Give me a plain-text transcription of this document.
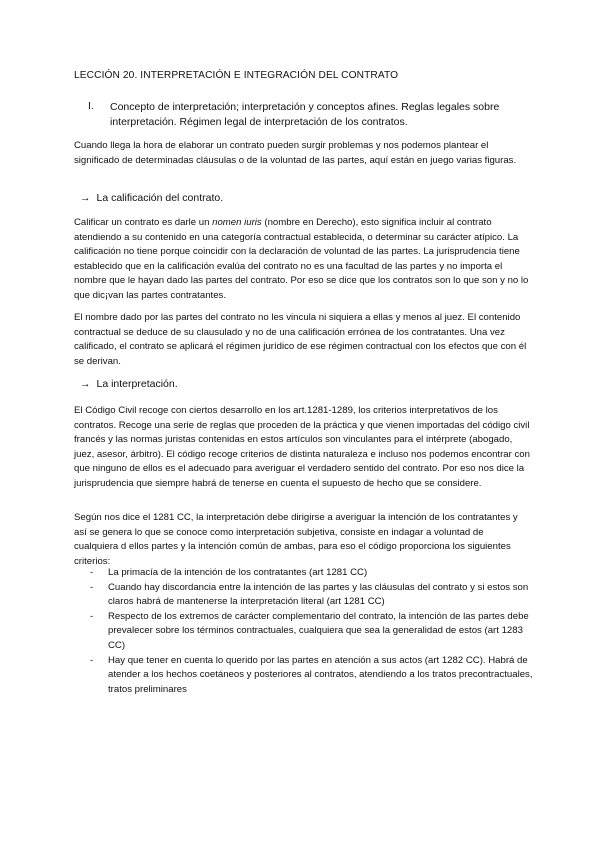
LECCIÓN 20. INTERPRETACIÓN E INTEGRACIÓN DEL CONTRATO
I. Concepto de interpretación; interpretación y conceptos afines. Reglas legales sobre interpretación. Régimen legal de interpretación de los contratos.
Cuando llega la hora de elaborar un contrato pueden surgir problemas y nos podemos plantear el significado de determinadas cláusulas o de la voluntad de las partes, aquí están en juego varias figuras.
→ La calificación del contrato.
Calificar un contrato es darle un nomen iuris (nombre en Derecho), esto significa incluir al contrato atendiendo a su contenido en una categoría contractual establecida, o determinar su carácter atípico. La calificación no tiene porque coincidir con la declaración de voluntad de las partes. La jurisprudencia tiene establecido que en la calificación evalúa del contrato no es una facultad de las partes y no importa el nombre que le hayan dado las partes del contrato. Por eso se dice que los contratos son lo que son y no lo que dic¡van las partes contratantes.
El nombre dado por las partes del contrato no les vincula ni siquiera a ellas y menos al juez. El contenido contractual se deduce de su clausulado y no de una calificación errónea de los contratantes. Una vez calificado, el contrato se aplicará el régimen jurídico de ese régimen contractual con los efectos que con él se derivan.
→ La interpretación.
El Código Civil recoge con ciertos desarrollo en los art.1281-1289, los criterios interpretativos de los contratos. Recoge una serie de reglas que proceden de la práctica y que vienen importadas del código civil francés y las normas juristas contenidas en estos artículos son vinculantes para el intérprete (abogado, juez, asesor, árbitro). El código recoge criterios de distinta naturaleza e incluso nos podemos encontrar con que ninguno de ellos es el adecuado para averiguar el verdadero sentido del contrato. Por eso nos dice la jurisprudencia que siempre habrá de tenerse en cuenta el supuesto de hecho que se considere.
Según nos dice el 1281 CC, la interpretación debe dirigirse a averiguar la intención de los contratantes y así se genera lo que se conoce como interpretación subjetiva, consiste en indagar a voluntad de cualquiera d ellos partes y la intención común de ambas, para eso el código proporciona los siguientes criterios:
- La primacía de la intención de los contratantes (art 1281 CC)
- Cuando hay discordancia entre la intención de las partes y las cláusulas del contrato y si estos son claros habrá de mantenerse la interpretación literal (art 1281 CC)
- Respecto de los extremos de carácter complementario del contrato, la intención de las partes debe prevalecer sobre los términos contractuales, cualquiera que sea la generalidad de estos (art 1283 CC)
- Hay que tener en cuenta lo querido por las partes en atención a sus actos (art 1282 CC). Habrá de atender a los hechos coetáneos y posteriores al contratos, atendiendo a los tratos precontractuales, tratos preliminares
